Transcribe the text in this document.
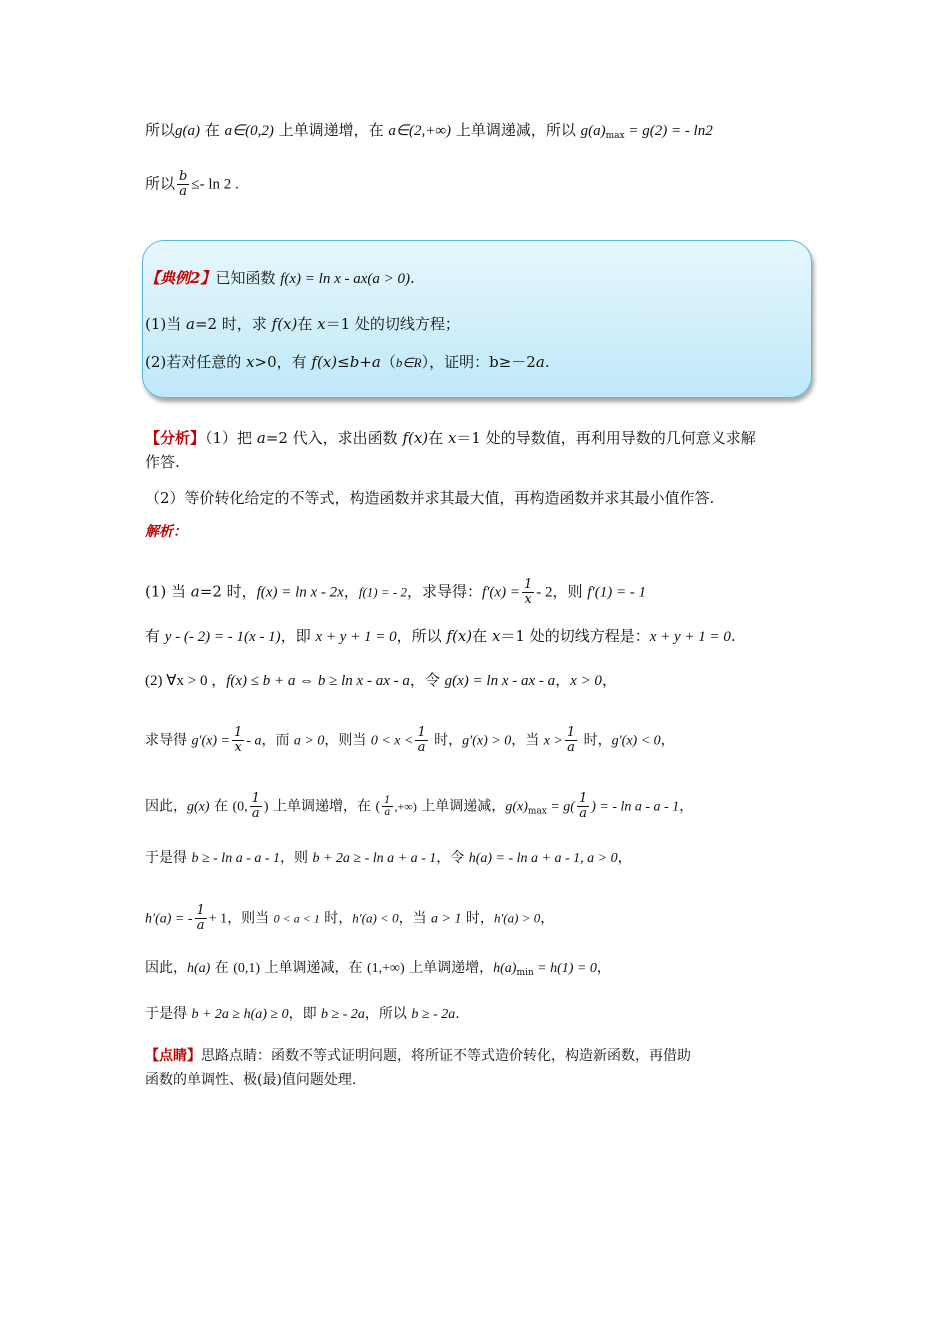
所以g(a) 在 a∈(0,2) 上单调递增，在 a∈(2,+∞) 上单调递减，所以 $g(a)_{max} = g(2)$ = - ln2
所以 $\frac{b}{a} \le- \ln 2$ .
【典例2】已知函数 f(x) = ln x - ax(a > 0).
(1)当 a=2 时，求 f(x)在 x＝1 处的切线方程；
(2)若对任意的 x>0，有 f(x)≤b+a（b∈R），证明：b≥－2a.
【分析】（1）把 a=2 代入，求出函数 f(x)在 x＝1 处的导数值，再利用导数的几何意义求解
作答.
（2）等价转化给定的不等式，构造函数并求其最大值，再构造函数并求其最小值作答.
解析：
(1) 当 a=2 时，f(x) = ln x - 2x，f(1) = - 2，求导得：$f'(x) = \frac{1}{x} - 2$，则 f′(1) = - 1
有 y - (- 2) = - 1(x - 1)，即 x + y + 1 = 0，所以 f(x)在 x＝1 处的切线方程是：x + y + 1 = 0.
(2) ∀x > 0 ，f(x) ≤ b + a ⇔ b ≥ ln x - ax - a，令 g(x) = ln x - ax - a，x > 0，
求导得 $g'(x) = \frac{1}{x} - a$，而 a > 0，则当 $0 < x < \frac{1}{a}$ 时，g′(x) > 0，当 $x > \frac{1}{a}$ 时，g′(x) < 0，
因此，g(x) 在 (0, $\frac{1}{a}$ ) 上单调递增，在 ( $\frac{1}{a}$ ,+∞) 上单调递减，$g(x)_{max} = g( \frac{1}{a}$ ) = - ln a - a - 1，
于是得 b ≥ - ln a - a - 1，则 b + 2a ≥ - ln a + a - 1，令 h(a) = - ln a + a - 1, a > 0，
h′(a) = - $\frac{1}{a} + 1$，则当 0 < a < 1 时，h′(a) < 0，当 a > 1 时，h′(a) > 0，
因此，h(a) 在 (0,1) 上单调递减，在 (1,+∞) 上单调递增，$h(a)_{min} = h(1) = 0$，
于是得 b + 2a ≥ h(a) ≥ 0，即 b ≥ - 2a，所以 b ≥ - 2a.
【点睛】思路点睛：函数不等式证明问题，将所证不等式造价转化，构造新函数，再借助
函数的单调性、极(最)值问题处理.
